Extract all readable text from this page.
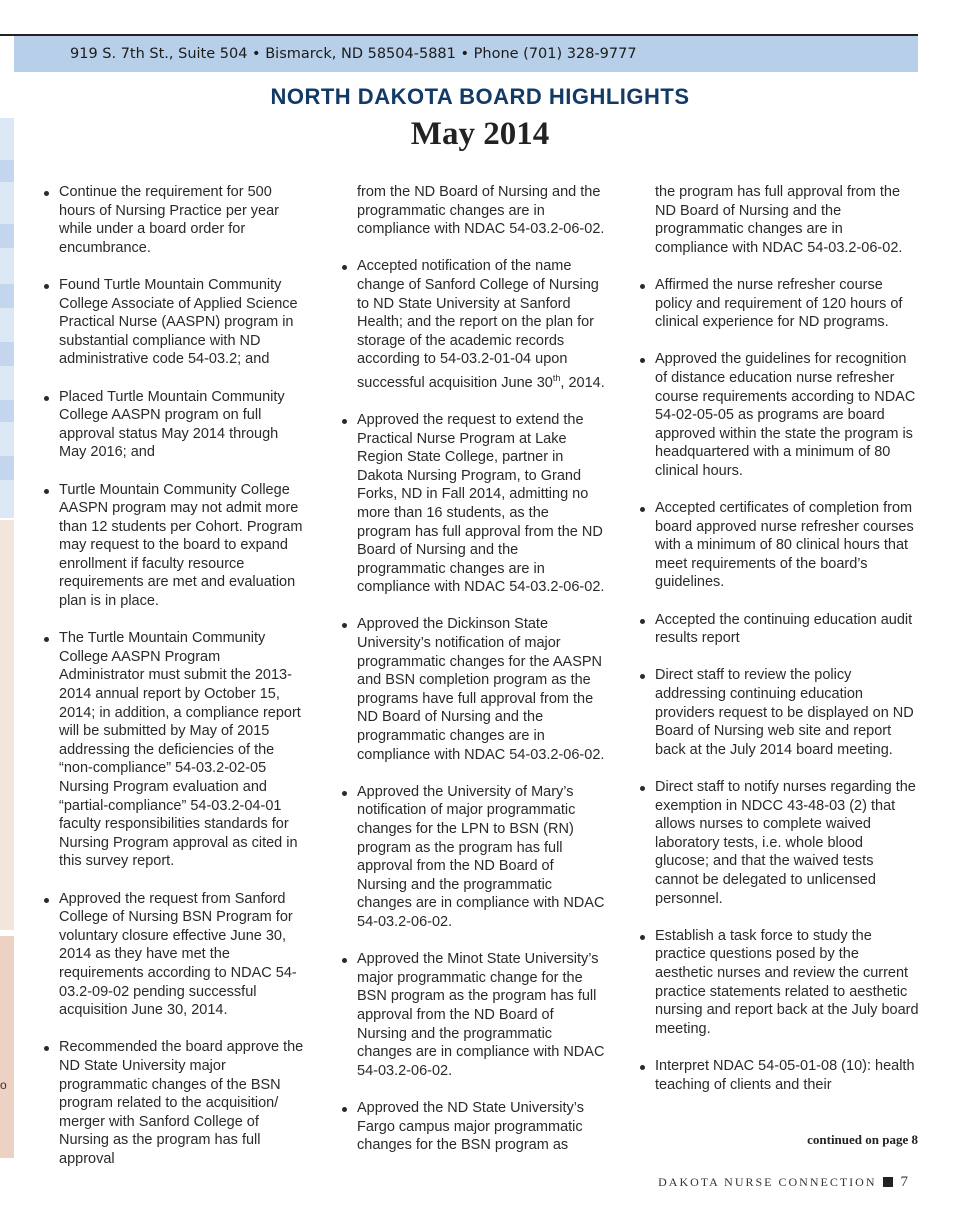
919 S. 7th St., Suite 504 • Bismarck, ND 58504-5881 • Phone (701) 328-9777
o
NORTH DAKOTA BOARD HIGHLIGHTS
May 2014
Continue the requirement for 500 hours of Nursing Practice per year while under a board order for encumbrance.
Found Turtle Mountain Community College Associate of Applied Science Practical Nurse (AASPN) program in substantial compliance with ND administrative code 54-03.2; and
Placed Turtle Mountain Community College AASPN program on full approval status May 2014 through May 2016; and
Turtle Mountain Community College AASPN program may not admit more than 12 students per Cohort. Program may request to the board to expand enrollment if faculty resource requirements are met and evaluation plan is in place.
The Turtle Mountain Community College AASPN Program Administrator must submit the 2013-2014 annual report by October 15, 2014; in addition, a compliance report will be submitted by May of 2015 addressing the deficiencies of the “non-compliance” 54-03.2-02-05 Nursing Program evaluation and “partial-compliance” 54-03.2-04-01 faculty responsibilities standards for Nursing Program approval as cited in this survey report.
Approved the request from Sanford College of Nursing BSN Program for voluntary closure effective June 30, 2014 as they have met the requirements according to NDAC 54-03.2-09-02 pending successful acquisition June 30, 2014.
Recommended the board approve the ND State University major programmatic changes of the BSN program related to the acquisition/ merger with Sanford College of Nursing as the program has full approval

from the ND Board of Nursing and the programmatic changes are in compliance with NDAC 54-03.2-06-02.

Accepted notification of the name change of Sanford College of Nursing to ND State University at Sanford Health; and the report on the plan for storage of the academic records according to 54-03.2-01-04 upon successful acquisition June 30th, 2014.
Approved the request to extend the Practical Nurse Program at Lake Region State College, partner in Dakota Nursing Program, to Grand Forks, ND in Fall 2014, admitting no more than 16 students, as the program has full approval from the ND Board of Nursing and the programmatic changes are in compliance with NDAC 54-03.2-06-02.
Approved the Dickinson State University’s notification of major programmatic changes for the AASPN and BSN completion program as the programs have full approval from the ND Board of Nursing and the programmatic changes are in compliance with NDAC 54-03.2-06-02.
Approved the University of Mary’s notification of major programmatic changes for the LPN to BSN (RN) program as the program has full approval from the ND Board of Nursing and the programmatic changes are in compliance with NDAC 54-03.2-06-02.
Approved the Minot State University’s major programmatic change for the BSN program as the program has full approval from the ND Board of Nursing and the programmatic changes are in compliance with NDAC 54-03.2-06-02.
Approved the ND State University’s Fargo campus major programmatic changes for the BSN program as

the program has full approval from the ND Board of Nursing and the programmatic changes are in compliance with NDAC 54-03.2-06-02.

Affirmed the nurse refresher course policy and requirement of 120 hours of clinical experience for ND programs.
Approved the guidelines for recognition of distance education nurse refresher course requirements according to NDAC 54-02-05-05 as programs are board approved within the state the program is headquartered with a minimum of 80 clinical hours.
Accepted certificates of completion from board approved nurse refresher courses with a minimum of 80 clinical hours that meet requirements of the board’s guidelines.
Accepted the continuing education audit results report
Direct staff to review the policy addressing continuing education providers request to be displayed on ND Board of Nursing web site and report back at the July 2014 board meeting.
Direct staff to notify nurses regarding the exemption in NDCC 43-48-03 (2) that allows nurses to complete waived laboratory tests, i.e. whole blood glucose; and that the waived tests cannot be delegated to unlicensed personnel.
Establish a task force to study the practice questions posed by the aesthetic nurses and review the current practice statements related to aesthetic nursing and report back at the July board meeting.
Interpret NDAC 54-05-01-08 (10): health teaching of clients and their
continued on page 8
DAKOTA NURSE CONNECTION 7
